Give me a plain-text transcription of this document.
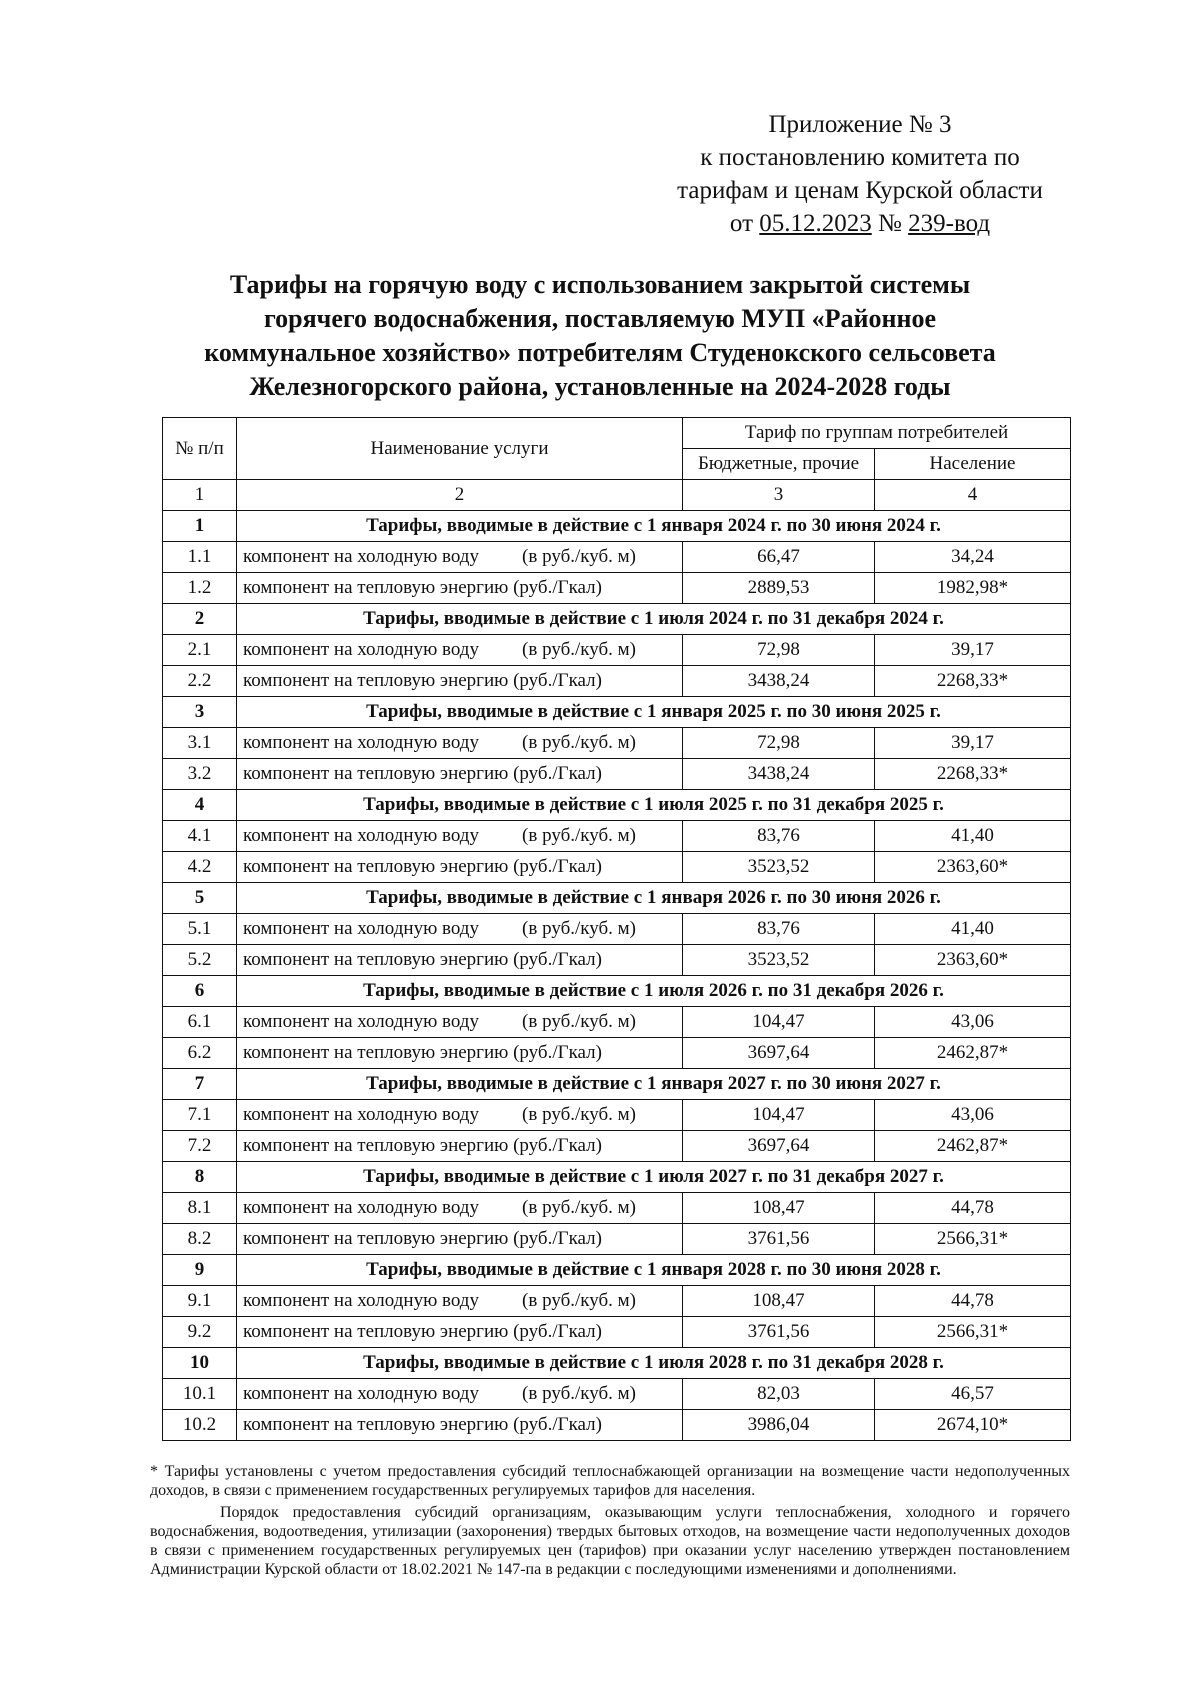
Приложение № 3
к постановлению комитета по
тарифам и ценам Курской области
от 05.12.2023 № 239-вод
Тарифы на горячую воду с использованием закрытой системы
горячего водоснабжения, поставляемую МУП «Районное
коммунальное хозяйство» потребителям Студенокского сельсовета
Железногорского района, установленные на 2024-2028 годы
№ п/п	Наименование услуги	Тариф по группам потребителей	
		Бюджетные, прочие	Население
1	2	3	4
1	Тарифы, вводимые в действие с 1 января 2024 г. по 30 июня 2024 г.		
1.1	компонент на холодную воду (в руб./куб. м)	66,47	34,24
1.2	компонент на тепловую энергию (руб./Гкал)	2889,53	1982,98*
2	Тарифы, вводимые в действие с 1 июля 2024 г. по 31 декабря 2024 г.		
2.1	компонент на холодную воду (в руб./куб. м)	72,98	39,17
2.2	компонент на тепловую энергию (руб./Гкал)	3438,24	2268,33*
3	Тарифы, вводимые в действие с 1 января 2025 г. по 30 июня 2025 г.		
3.1	компонент на холодную воду (в руб./куб. м)	72,98	39,17
3.2	компонент на тепловую энергию (руб./Гкал)	3438,24	2268,33*
4	Тарифы, вводимые в действие с 1 июля 2025 г. по 31 декабря 2025 г.		
4.1	компонент на холодную воду (в руб./куб. м)	83,76	41,40
4.2	компонент на тепловую энергию (руб./Гкал)	3523,52	2363,60*
5	Тарифы, вводимые в действие с 1 января 2026 г. по 30 июня 2026 г.		
5.1	компонент на холодную воду (в руб./куб. м)	83,76	41,40
5.2	компонент на тепловую энергию (руб./Гкал)	3523,52	2363,60*
6	Тарифы, вводимые в действие с 1 июля 2026 г. по 31 декабря 2026 г.		
6.1	компонент на холодную воду (в руб./куб. м)	104,47	43,06
6.2	компонент на тепловую энергию (руб./Гкал)	3697,64	2462,87*
7	Тарифы, вводимые в действие с 1 января 2027 г. по 30 июня 2027 г.		
7.1	компонент на холодную воду (в руб./куб. м)	104,47	43,06
7.2	компонент на тепловую энергию (руб./Гкал)	3697,64	2462,87*
8	Тарифы, вводимые в действие с 1 июля 2027 г. по 31 декабря 2027 г.		
8.1	компонент на холодную воду (в руб./куб. м)	108,47	44,78
8.2	компонент на тепловую энергию (руб./Гкал)	3761,56	2566,31*
9	Тарифы, вводимые в действие с 1 января 2028 г. по 30 июня 2028 г.		
9.1	компонент на холодную воду (в руб./куб. м)	108,47	44,78
9.2	компонент на тепловую энергию (руб./Гкал)	3761,56	2566,31*
10	Тарифы, вводимые в действие с 1 июля 2028 г. по 31 декабря 2028 г.		
10.1	компонент на холодную воду (в руб./куб. м)	82,03	46,57
10.2	компонент на тепловую энергию (руб./Гкал)	3986,04	2674,10*

* Тарифы установлены с учетом предоставления субсидий теплоснабжающей организации на возмещение части недополученных доходов, в связи с применением государственных регулируемых тарифов для населения.

Порядок предоставления субсидий организациям, оказывающим услуги теплоснабжения, холодного и горячего водоснабжения, водоотведения, утилизации (захоронения) твердых бытовых отходов, на возмещение части недополученных доходов в связи с применением государственных регулируемых цен (тарифов) при оказании услуг населению утвержден постановлением Администрации Курской области от 18.02.2021 № 147-па в редакции с последующими изменениями и дополнениями.
